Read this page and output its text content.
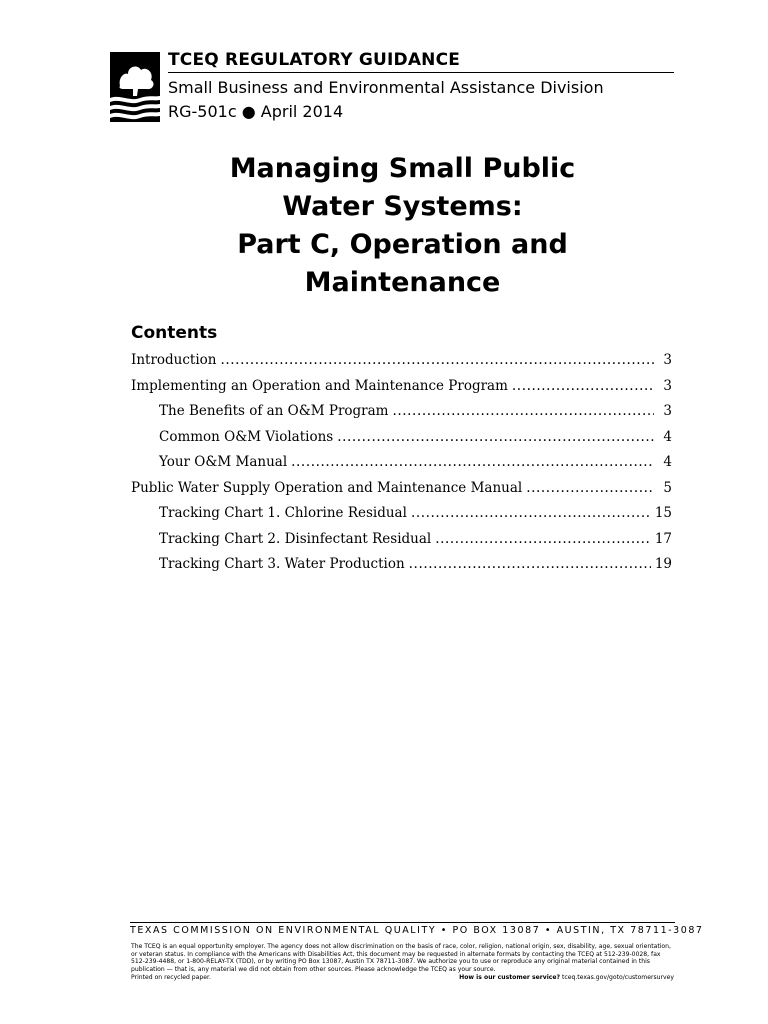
TCEQ REGULATORY GUIDANCE
Small Business and Environmental Assistance Division
RG-501c ● April 2014
Managing Small Public
Water Systems:
Part C, Operation and
Maintenance
Contents
Introduction .....	3
Implementing an Operation and Maintenance Program .....	3
The Benefits of an O&M Program .....	3
Common O&M Violations .....	4
Your O&M Manual .....	4
Public Water Supply Operation and Maintenance Manual .....	5
Tracking Chart 1. Chlorine Residual .....	15
Tracking Chart 2. Disinfectant Residual .....	17
Tracking Chart 3. Water Production .....	19
TEXAS COMMISSION ON ENVIRONMENTAL QUALITY • PO BOX 13087 • AUSTIN, TX 78711-3087

The TCEQ is an equal opportunity employer. The agency does not allow discrimination on the basis of race, color, religion, national origin, sex, disability, age, sexual orientation, or veteran status. In compliance with the Americans with Disabilities Act, this document may be requested in alternate formats by contacting the TCEQ at 512-239-0028, fax 512-239-4488, or 1-800-RELAY-TX (TDD), or by writing PO Box 13087, Austin TX 78711-3087. We authorize you to use or reproduce any original material contained in this publication — that is, any material we did not obtain from other sources. Please acknowledge the TCEQ as your source.

Printed on recycled paper.	How is our customer service? tceq.texas.gov/goto/customersurvey
